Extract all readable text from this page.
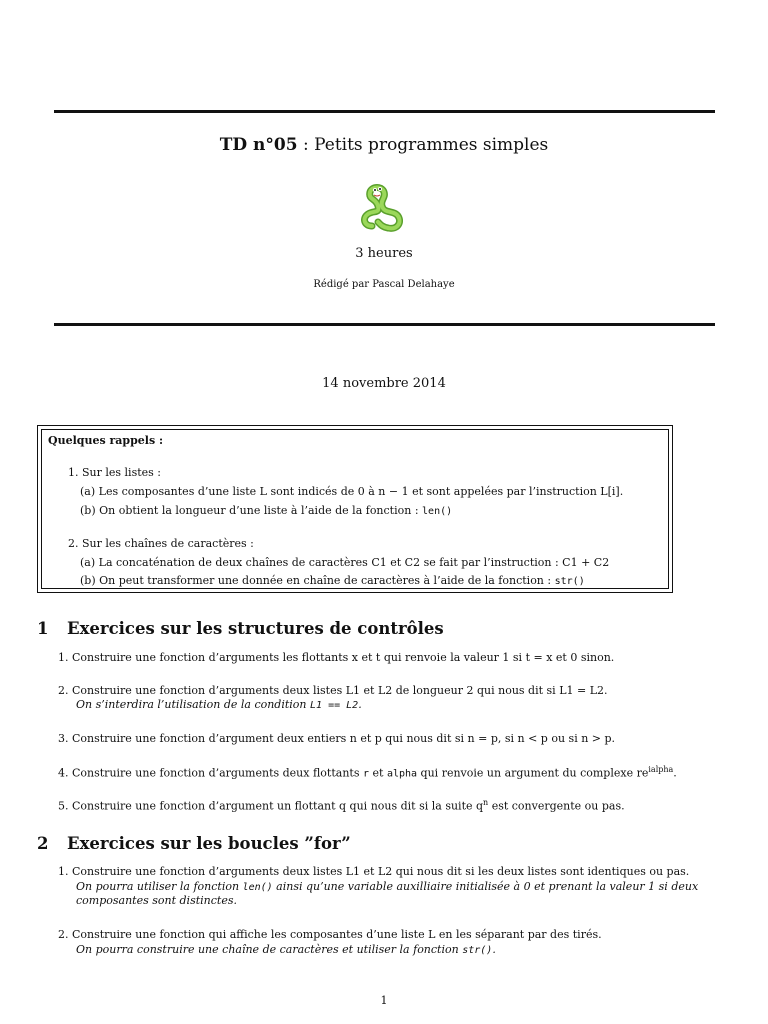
TD n°05 : Petits programmes simples
3 heures
Rédigé par Pascal Delahaye
14 novembre 2014
Quelques rappels :
1. Sur les listes :
(a) Les composantes d’une liste L sont indicés de 0 à n − 1 et sont appelées par l’instruction L[i].
(b) On obtient la longueur d’une liste à l’aide de la fonction : len()
2. Sur les chaînes de caractères :
(a) La concaténation de deux chaînes de caractères C1 et C2 se fait par l’instruction : C1 + C2
(b) On peut transformer une donnée en chaîne de caractères à l’aide de la fonction : str()
1 Exercices sur les structures de contrôles
1. Construire une fonction d’arguments les flottants x et t qui renvoie la valeur 1 si t = x et 0 sinon.
2. Construire une fonction d’arguments deux listes L1 et L2 de longueur 2 qui nous dit si L1 = L2.
On s’interdira l’utilisation de la condition L1 == L2.
3. Construire une fonction d’argument deux entiers n et p qui nous dit si n = p, si n < p ou si n > p.
4. Construire une fonction d’arguments deux flottants r et alpha qui renvoie un argument du complexe $re^{ialpha}$.
5. Construire une fonction d’argument un flottant q qui nous dit si la suite $q^n$ est convergente ou pas.
2 Exercices sur les boucles ”for”
1. Construire une fonction d’arguments deux listes L1 et L2 qui nous dit si les deux listes sont identiques ou pas.
On pourra utiliser la fonction len() ainsi qu’une variable auxilliaire initialisée à 0 et prenant la valeur 1 si deux
composantes sont distinctes.
2. Construire une fonction qui affiche les composantes d’une liste L en les séparant par des tirés.
On pourra construire une chaîne de caractères et utiliser la fonction str().
1
